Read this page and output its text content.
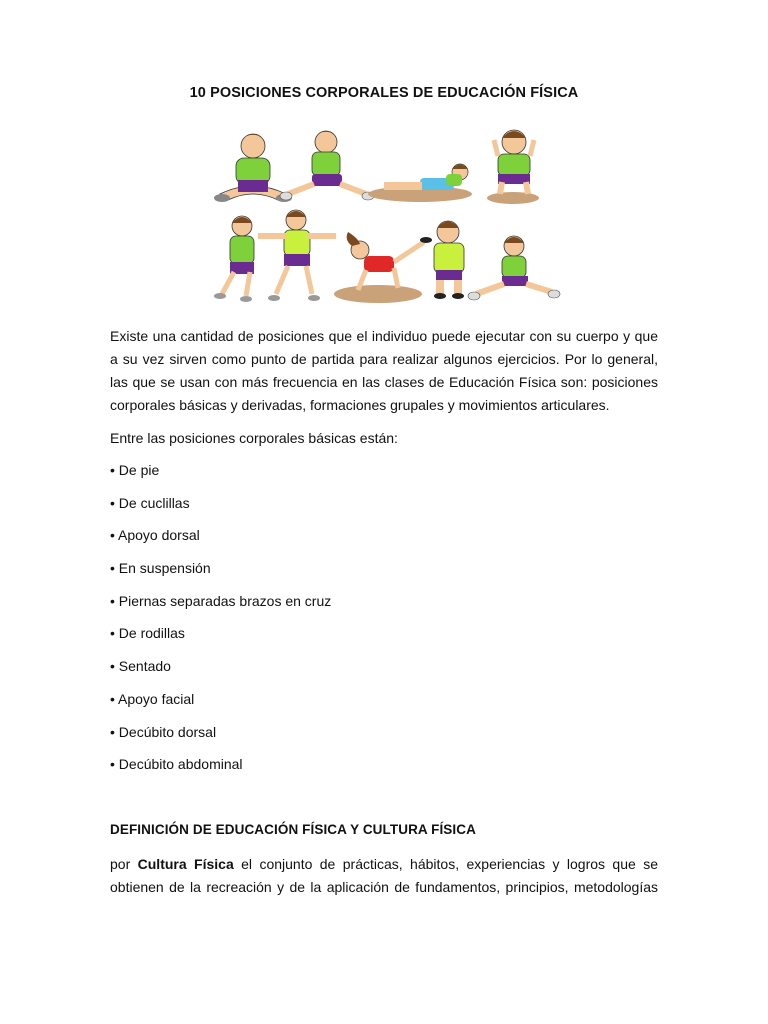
10 POSICIONES CORPORALES DE EDUCACIÓN FÍSICA
Existe una cantidad de posiciones que el individuo puede ejecutar con su cuerpo y que a su vez sirven como punto de partida para realizar algunos ejercicios. Por lo general, las que se usan con más frecuencia en las clases de Educación Física son: posiciones corporales básicas y derivadas, formaciones grupales y movimientos articulares.
Entre las posiciones corporales básicas están:
• De pie
• De cuclillas
• Apoyo dorsal
• En suspensión
• Piernas separadas brazos en cruz
• De rodillas
• Sentado
• Apoyo facial
• Decúbito dorsal
• Decúbito abdominal
DEFINICIÓN DE EDUCACIÓN FÍSICA Y CULTURA FÍSICA
por Cultura Física el conjunto de prácticas, hábitos, experiencias y logros que se
obtienen de la recreación y de la aplicación de fundamentos, principios, metodologías
